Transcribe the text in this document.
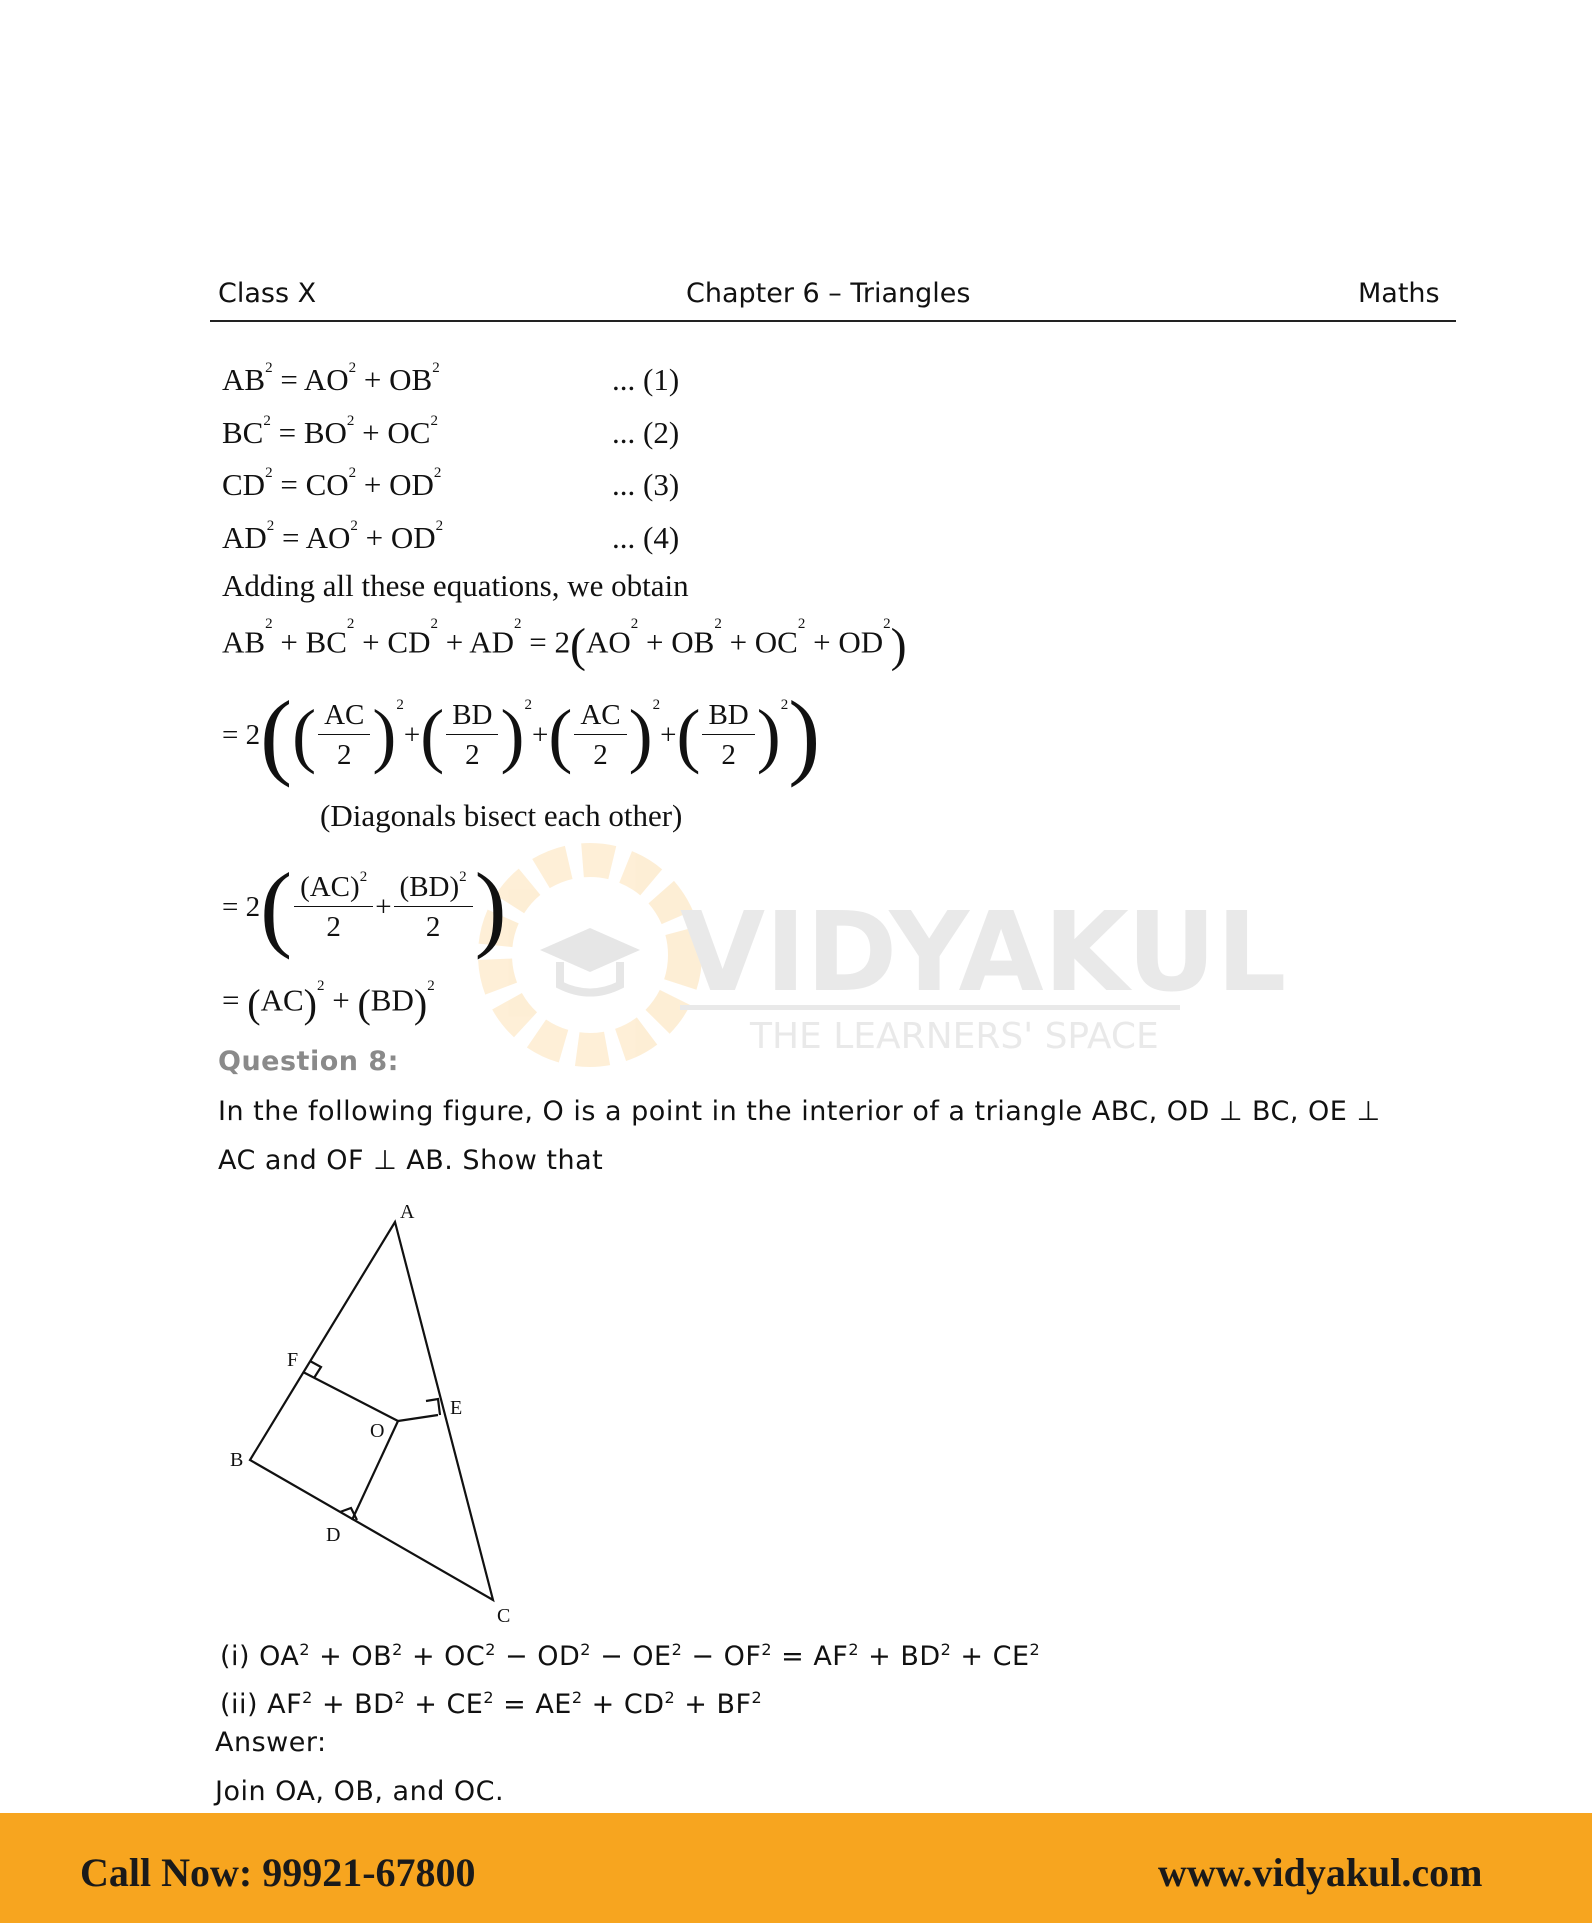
Class X	Chapter 6 – Triangles	Maths
VIDYAKUL
THE LEARNERS' SPACE
$AB^2 = AO^2 + OB^2$	... (1)
$BC^2 = BO^2 + OC^2$	... (2)
$CD^2 = CO^2 + OD^2$	... (3)
$AD^2 = AO^2 + OD^2$	... (4)
Adding all these equations, we obtain
$AB^2 + BC^2 + CD^2 + AD^2 = 2(AO^2 + OB^2 + OC^2 + OD^2)$
= 2 ( ( $\frac{AC}{2}$ ) 2
+ ( $\frac{BD}{2}$ ) 2
+ ( $\frac{AC}{2}$ ) 2
+ ( $\frac{BD}{2}$ ) 2 )
(Diagonals bisect each other)
= 2 ( $\frac{(AC)^2}{2} + \frac{(BD)^2}{2}$ )
= (AC)$^2$ + (BD)$^2$
Question 8:
In the following figure, O is a point in the interior of a triangle ABC, OD ⊥ BC, OE ⊥
AC and OF ⊥ AB. Show that
A
B
C
D
E
F
O
(i) $OA^2 + OB^2 + OC^2 - OD^2 - OE^2 - OF^2 = AF^2 + BD^2 + CE^2$
(ii) $AF^2 + BD^2 + CE^2 = AE^2 + CD^2 + BF^2$
Answer:
Join OA, OB, and OC.
Call Now: 99921-67800	www.vidyakul.com
